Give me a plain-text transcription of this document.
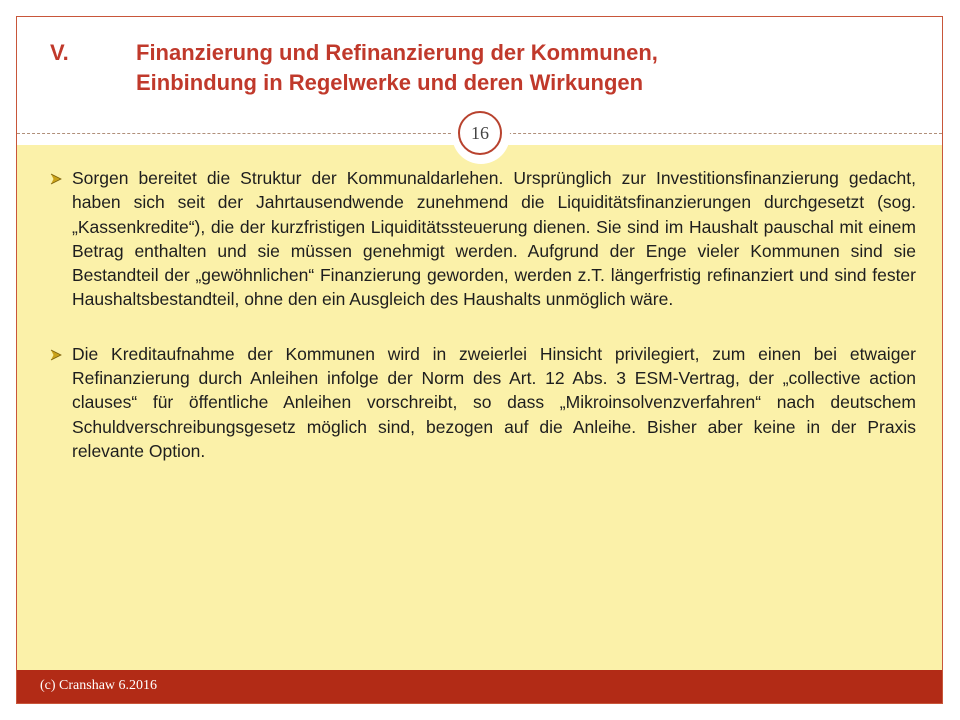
V.	Finanzierung und Refinanzierung der Kommunen,
Einbindung in Regelwerke und deren Wirkungen
16
Sorgen bereitet die Struktur der Kommunaldarlehen. Ursprünglich zur Investitionsfinanzierung gedacht, haben sich seit der Jahrtausendwende zunehmend die Liquiditätsfinanzierungen durchgesetzt (sog. „Kassenkredite“), die der kurzfristigen Liquiditätssteuerung dienen. Sie sind im Haushalt pauschal mit einem Betrag enthalten und sie müssen genehmigt werden. Aufgrund der Enge vieler Kommunen sind sie Bestandteil der „gewöhnlichen“ Finanzierung geworden, werden z.T. längerfristig refinanziert und sind fester Haushaltsbestandteil, ohne den ein Ausgleich des Haushalts unmöglich wäre.
Die Kreditaufnahme der Kommunen wird in zweierlei Hinsicht privilegiert, zum einen bei etwaiger Refinanzierung durch Anleihen infolge der Norm des Art. 12 Abs. 3 ESM-Vertrag, der „collective action clauses“ für öffentliche Anleihen vorschreibt, so dass „Mikroinsolvenzverfahren“ nach deutschem Schuldverschreibungsgesetz möglich sind, bezogen auf die Anleihe. Bisher aber keine in der Praxis relevante Option.
(c) Cranshaw 6.2016
